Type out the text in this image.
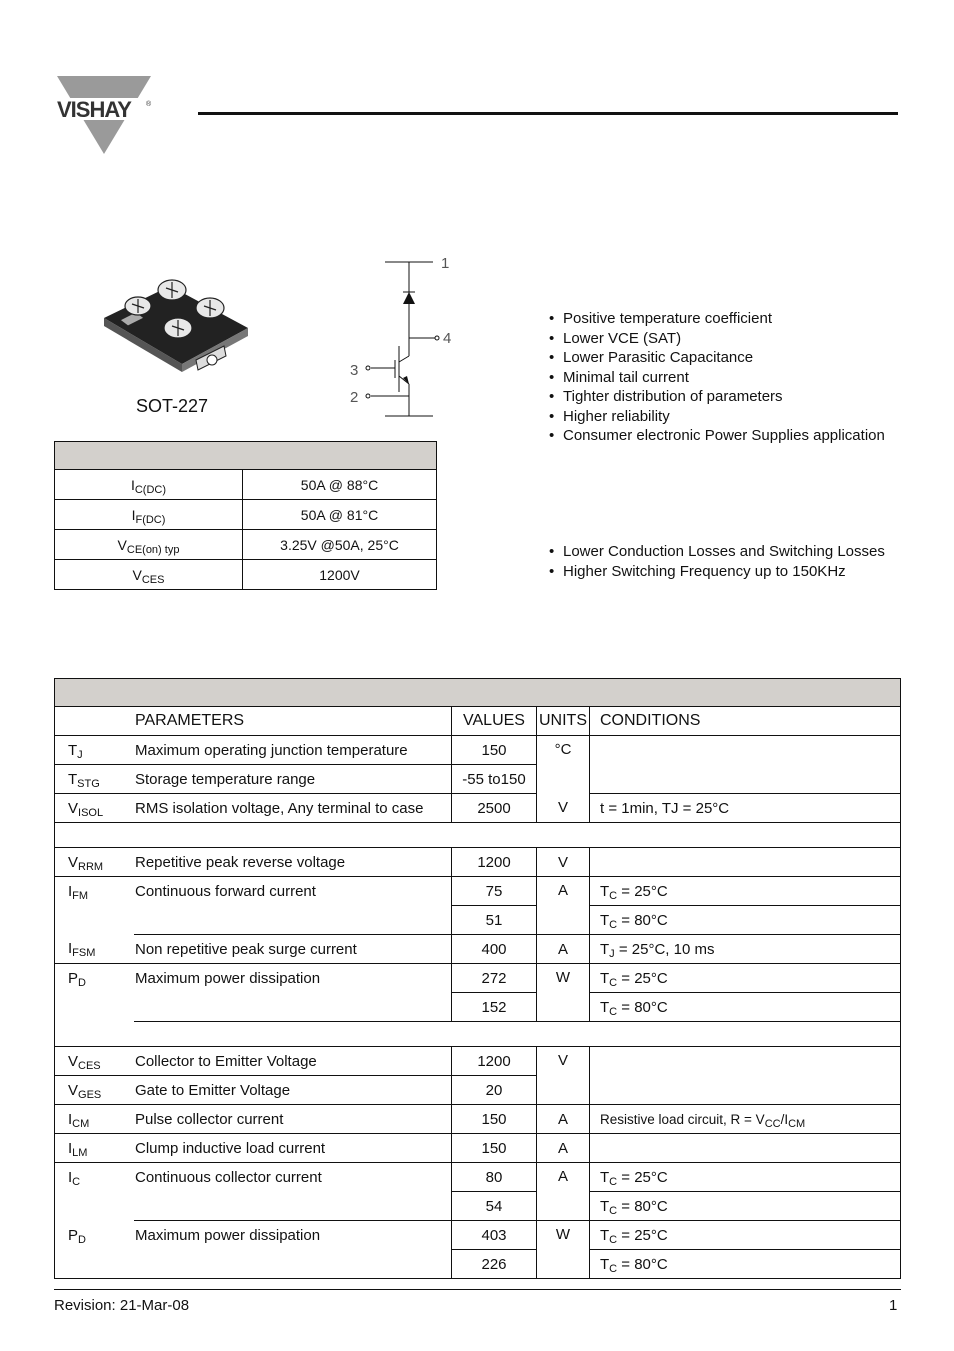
VISHAY ®
SOT-227
1
4
3
2
• Positive temperature coefficient
• Lower VCE (SAT)
• Lower Parasitic Capacitance
• Minimal tail current
• Tighter distribution of parameters
• Higher reliability
• Consumer electronic Power Supplies application
• Lower Conduction Losses and Switching Losses
• Higher Switching Frequency up to 150KHz

$I_{C(DC)}$	50A @ 88°C
$I_{F(DC)}$	50A @ 81°C
$V_{CE(on) typ}$	3.25V @50A, 25°C
$V_{CES}$	1200V

	PARAMETERS	VALUES	UNITS	CONDITIONS
$T_J$	Maximum operating junction temperature	150	°C	
$T_{STG}$	Storage temperature range	-55 to150		
$V_{ISOL}$	RMS isolation voltage, Any terminal to case	2500	V	t = 1min, TJ = 25°C

$V_{RRM}$	Repetitive peak reverse voltage	1200	V	
$I_{FM}$	Continuous forward current	75	A	$T_C = 25^\circ C$
		51		$T_C = 80^\circ C$
$I_{FSM}$	Non repetitive peak surge current	400	A	$T_J = 25^\circ C$, 10 ms
$P_D$	Maximum power dissipation	272	W	$T_C = 25^\circ C$
		152		$T_C = 80^\circ C$

$V_{CES}$	Collector to Emitter Voltage	1200	V	
$V_{GES}$	Gate to Emitter Voltage	20		
$I_{CM}$	Pulse collector current	150	A	Resistive load circuit, $R = V_{CC}/I_{CM}$
$I_{LM}$	Clump inductive load current	150	A	
$I_C$	Continuous collector current	80	A	$T_C = 25^\circ C$
		54		$T_C = 80^\circ C$
$P_D$	Maximum power dissipation	403	W	$T_C = 25^\circ C$
		226		$T_C = 80^\circ C$
Revision: 21-Mar-08	1
